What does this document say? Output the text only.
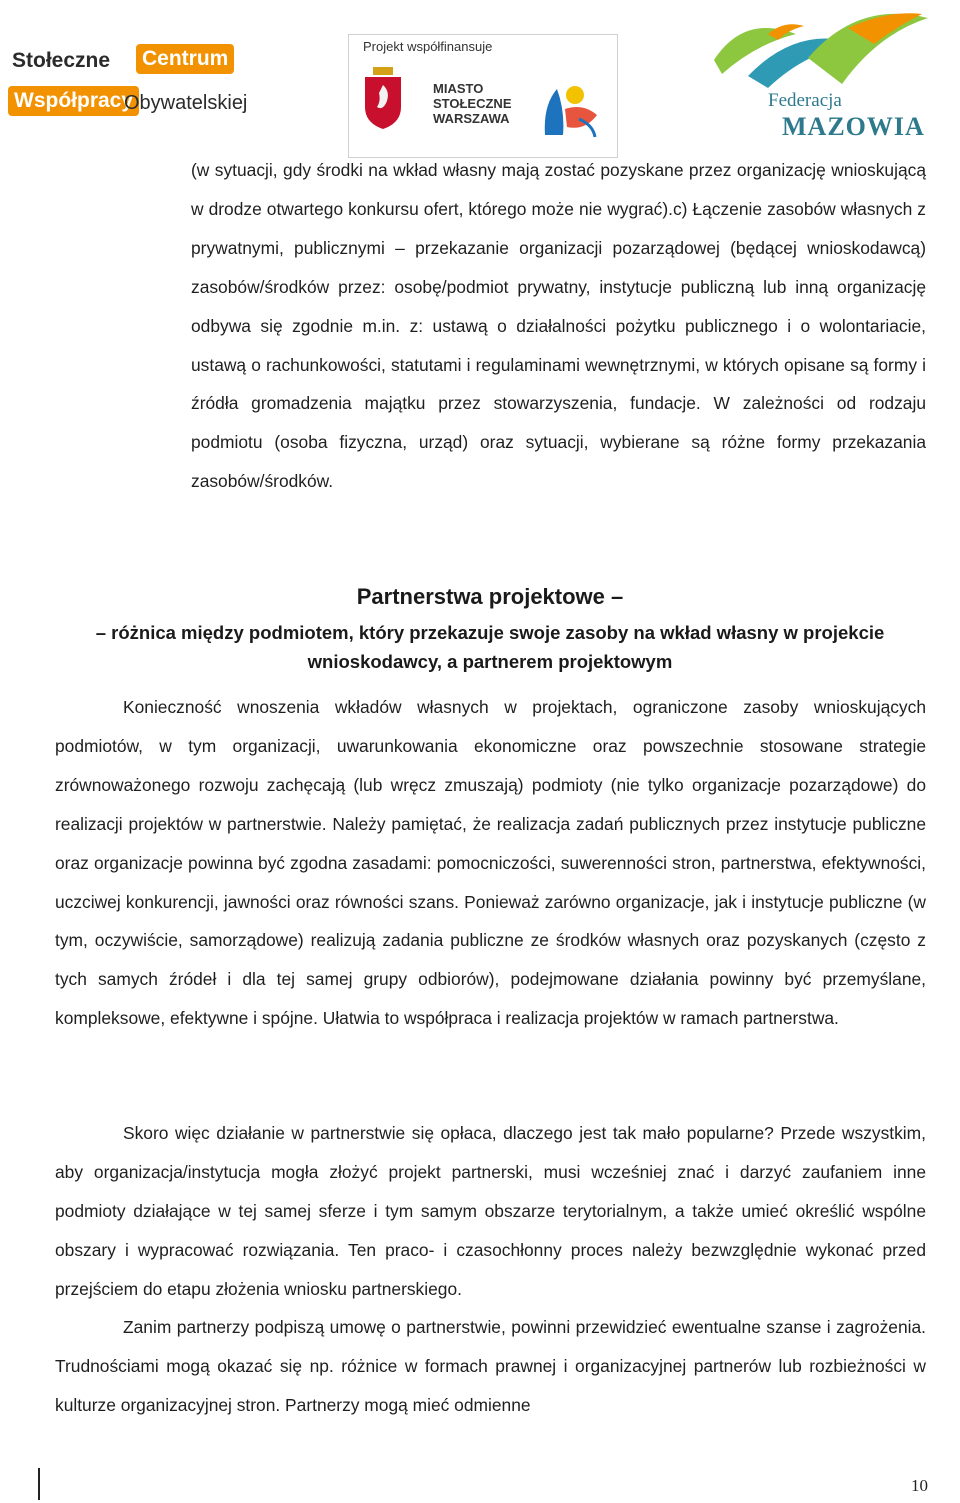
Stołeczne Centrum
Współpracy
Obywatelskiej
Projekt współfinansuje
MIASTO
STOŁECZNE
WARSZAWA
Federacja
MAZOWIA
(w sytuacji, gdy środki na wkład własny mają zostać pozyskane przez organizację wnioskującą w drodze otwartego konkursu ofert, którego może nie wygrać).c) Łączenie zasobów własnych z prywatnymi, publicznymi – przekazanie organizacji pozarządowej (będącej wnioskodawcą) zasobów/środków przez: osobę/podmiot prywatny, instytucje publiczną lub inną organizację odbywa się zgodnie m.in. z: ustawą o działalności pożytku publicznego i o wolontariacie, ustawą o rachunkowości, statutami i regulaminami wewnętrznymi, w których opisane są formy i źródła gromadzenia majątku przez stowarzyszenia, fundacje. W zależności od rodzaju podmiotu (osoba fizyczna, urząd) oraz sytuacji, wybierane są różne formy przekazania zasobów/środków.
Partnerstwa projektowe –
– różnica między podmiotem, który przekazuje swoje zasoby na wkład własny w projekcie wnioskodawcy, a partnerem projektowym
Konieczność wnoszenia wkładów własnych w projektach, ograniczone zasoby wnioskujących podmiotów, w tym organizacji, uwarunkowania ekonomiczne oraz powszechnie stosowane strategie zrównoważonego rozwoju zachęcają (lub wręcz zmuszają) podmioty (nie tylko organizacje pozarządowe) do realizacji projektów w partnerstwie. Należy pamiętać, że realizacja zadań publicznych przez instytucje publiczne oraz organizacje powinna być zgodna zasadami: pomocniczości, suwerenności stron, partnerstwa, efektywności, uczciwej konkurencji, jawności oraz równości szans. Ponieważ zarówno organizacje, jak i instytucje publiczne (w tym, oczywiście, samorządowe) realizują zadania publiczne ze środków własnych oraz pozyskanych (często z tych samych źródeł i dla tej samej grupy odbiorów), podejmowane działania powinny być przemyślane, kompleksowe, efektywne i spójne. Ułatwia to współpraca i realizacja projektów w ramach partnerstwa.
Skoro więc działanie w partnerstwie się opłaca, dlaczego jest tak mało popularne? Przede wszystkim, aby organizacja/instytucja mogła złożyć projekt partnerski, musi wcześniej znać i darzyć zaufaniem inne podmioty działające w tej samej sferze i tym samym obszarze terytorialnym, a także umieć określić wspólne obszary i wypracować rozwiązania. Ten praco- i czasochłonny proces należy bezwzględnie wykonać przed przejściem do etapu złożenia wniosku partnerskiego.
Zanim partnerzy podpiszą umowę o partnerstwie, powinni przewidzieć ewentualne szanse i zagrożenia. Trudnościami mogą okazać się np. różnice w formach prawnej i organizacyjnej partnerów lub rozbieżności w kulturze organizacyjnej stron. Partnerzy mogą mieć odmienne
10
